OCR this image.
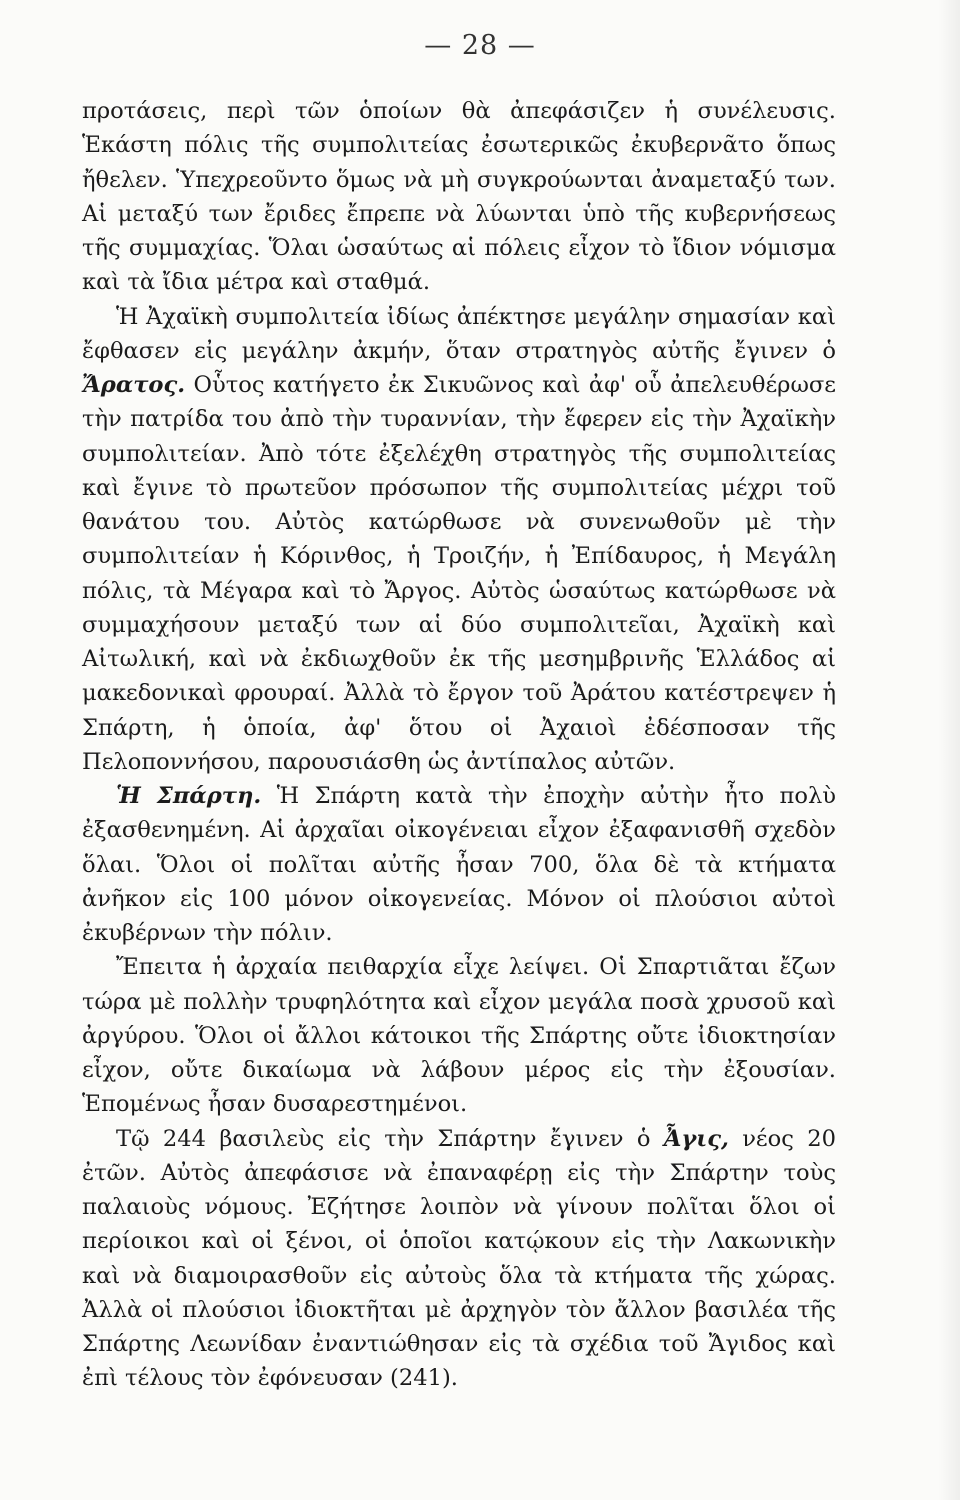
— 28 —

προτάσεις, περὶ τῶν ὁποίων θὰ ἀπεφάσιζεν ἡ συνέλευσις. Ἑκάστη πόλις τῆς συμπολιτείας ἐσωτερικῶς ἐκυβερνᾶτο ὅπως ἤθελεν. Ὑπεχρεοῦντο ὅμως νὰ μὴ συγκρούωνται ἀναμεταξύ των. Αἱ μεταξύ των ἔριδες ἔπρεπε νὰ λύωνται ὑπὸ τῆς κυβερνήσεως τῆς συμμαχίας. Ὅλαι ὡσαύτως αἱ πόλεις εἶχον τὸ ἴδιον νόμισμα καὶ τὰ ἴδια μέτρα καὶ σταθμά.

Ἡ Ἀχαϊκὴ συμπολιτεία ἰδίως ἀπέκτησε μεγάλην σημασίαν καὶ ἔφθασεν εἰς μεγάλην ἀκμήν, ὅταν στρατηγὸς αὐτῆς ἔγινεν ὁ Ἄρατος. Οὗτος κατήγετο ἐκ Σικυῶνος καὶ ἀφ' οὗ ἀπελευθέρωσε τὴν πατρίδα του ἀπὸ τὴν τυραννίαν, τὴν ἔφερεν εἰς τὴν Ἀχαϊκὴν συμπολιτείαν. Ἀπὸ τότε ἐξελέχθη στρατηγὸς τῆς συμπολιτείας καὶ ἔγινε τὸ πρωτεῦον πρόσωπον τῆς συμπολιτείας μέχρι τοῦ θανάτου του. Αὐτὸς κατώρθωσε νὰ συνενωθοῦν μὲ τὴν συμπολιτείαν ἡ Κόρινθος, ἡ Τροιζήν, ἡ Ἐπίδαυρος, ἡ Μεγάλη πόλις, τὰ Μέγαρα καὶ τὸ Ἄργος. Αὐτὸς ὡσαύτως κατώρθωσε νὰ συμμαχήσουν μεταξύ των αἱ δύο συμπολιτεῖαι, Ἀχαϊκὴ καὶ Αἰτωλική, καὶ νὰ ἐκδιωχθοῦν ἐκ τῆς μεσημβρινῆς Ἑλλάδος αἱ μακεδονικαὶ φρουραί. Ἀλλὰ τὸ ἔργον τοῦ Ἀράτου κατέστρεψεν ἡ Σπάρτη, ἡ ὁποία, ἀφ' ὅτου οἱ Ἀχαιοὶ ἐδέσποσαν τῆς Πελοποννήσου, παρουσιάσθη ὡς ἀντίπαλος αὐτῶν.

Ἡ Σπάρτη. Ἡ Σπάρτη κατὰ τὴν ἐποχὴν αὐτὴν ἦτο πολὺ ἐξασθενημένη. Αἱ ἀρχαῖαι οἰκογένειαι εἶχον ἐξαφανισθῆ σχεδὸν ὅλαι. Ὅλοι οἱ πολῖται αὐτῆς ἦσαν 700, ὅλα δὲ τὰ κτήματα ἀνῆκον εἰς 100 μόνον οἰκογενείας. Μόνον οἱ πλούσιοι αὐτοὶ ἐκυβέρνων τὴν πόλιν.

Ἔπειτα ἡ ἀρχαία πειθαρχία εἶχε λείψει. Οἱ Σπαρτιᾶται ἔζων τώρα μὲ πολλὴν τρυφηλότητα καὶ εἶχον μεγάλα ποσὰ χρυσοῦ καὶ ἀργύρου. Ὅλοι οἱ ἄλλοι κάτοικοι τῆς Σπάρτης οὔτε ἰδιοκτησίαν εἶχον, οὔτε δικαίωμα νὰ λάβουν μέρος εἰς τὴν ἐξουσίαν. Ἑπομένως ἦσαν δυσαρεστημένοι.

Τῷ 244 βασιλεὺς εἰς τὴν Σπάρτην ἔγινεν ὁ Ἆγις, νέος 20 ἐτῶν. Αὐτὸς ἀπεφάσισε νὰ ἐπαναφέρῃ εἰς τὴν Σπάρτην τοὺς παλαιοὺς νόμους. Ἐζήτησε λοιπὸν νὰ γίνουν πολῖται ὅλοι οἱ περίοικοι καὶ οἱ ξένοι, οἱ ὁποῖοι κατῴκουν εἰς τὴν Λακωνικὴν καὶ νὰ διαμοιρασθοῦν εἰς αὐτοὺς ὅλα τὰ κτήματα τῆς χώρας. Ἀλλὰ οἱ πλούσιοι ἰδιοκτῆται μὲ ἀρχηγὸν τὸν ἄλλον βασιλέα τῆς Σπάρτης Λεωνίδαν ἐναντιώθησαν εἰς τὰ σχέδια τοῦ Ἄγιδος καὶ ἐπὶ τέλους τὸν ἐφόνευσαν (241).
